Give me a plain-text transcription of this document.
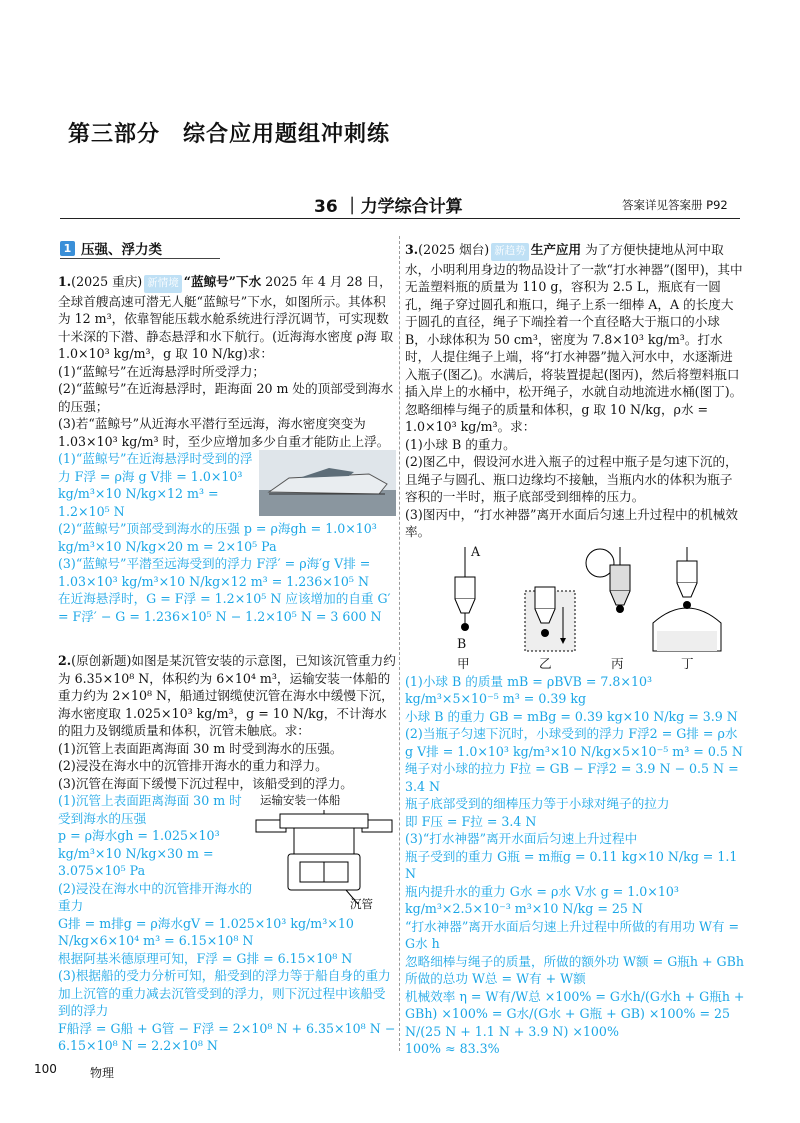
第三部分　综合应用题组冲刺练
36 ｜力学综合计算	答案详见答案册 P92
1 压强、浮力类

1.(2025 重庆) 新情境 “蓝鲸号”下水 2025 年 4 月 28 日，全球首艘高速可潜无人艇“蓝鲸号”下水，如图所示。其体积为 12 m³，依靠智能压载水舱系统进行浮沉调节，可实现数十米深的下潜、静态悬浮和水下航行。(近海海水密度 ρ海 取 1.0×10³ kg/m³，g 取 10 N/kg)求：

(1)“蓝鲸号”在近海悬浮时所受浮力；

(2)“蓝鲸号”在近海悬浮时，距海面 20 m 处的顶部受到海水的压强；

(3)若“蓝鲸号”从近海水平潜行至远海，海水密度突变为 1.03×10³ kg/m³ 时，至少应增加多少自重才能防止上浮。

(1)“蓝鲸号”在近海悬浮时受到的浮力 F浮 = ρ海 g V排 = 1.0×10³ kg/m³×10 N/kg×12 m³ = 1.2×10⁵ N

(2)“蓝鲸号”顶部受到海水的压强 p = ρ海gh = 1.0×10³ kg/m³×10 N/kg×20 m = 2×10⁵ Pa

(3)“蓝鲸号”平潜至远海受到的浮力 F浮′ = ρ海′g V排 = 1.03×10³ kg/m³×10 N/kg×12 m³ = 1.236×10⁵ N

在近海悬浮时，G = F浮 = 1.2×10⁵ N 应该增加的自重 G′ = F浮′ − G = 1.236×10⁵ N − 1.2×10⁵ N = 3 600 N

2.(原创新题)如图是某沉管安装的示意图，已知该沉管重力约为 6.35×10⁸ N，体积约为 6×10⁴ m³，运输安装一体船的重力约为 2×10⁸ N，船通过钢缆使沉管在海水中缓慢下沉，海水密度取 1.025×10³ kg/m³，g = 10 N/kg，不计海水的阻力及钢缆质量和体积，沉管未触底。求：

(1)沉管上表面距离海面 30 m 时受到海水的压强。

(2)浸没在海水中的沉管排开海水的重力和浮力。

(3)沉管在海面下缓慢下沉过程中，该船受到的浮力。

(1)沉管上表面距离海面 30 m 时受到海水的压强

p = ρ海水gh = 1.025×10³ kg/m³×10 N/kg×30 m = 3.075×10⁵ Pa

(2)浸没在海水中的沉管排开海水的重力

运输安装一体船
沉管

G排 = m排g = ρ海水gV = 1.025×10³ kg/m³×10 N/kg×6×10⁴ m³ = 6.15×10⁸ N

根据阿基米德原理可知，F浮 = G排 = 6.15×10⁸ N

(3)根据船的受力分析可知，船受到的浮力等于船自身的重力加上沉管的重力减去沉管受到的浮力，则下沉过程中该船受到的浮力

F船浮 = G船 + G管 − F浮 = 2×10⁸ N + 6.35×10⁸ N − 6.15×10⁸ N = 2.2×10⁸ N

3.(2025 烟台) 新趋势 生产应用 为了方便快捷地从河中取水，小明利用身边的物品设计了一款“打水神器”(图甲)，其中无盖塑料瓶的质量为 110 g，容积为 2.5 L，瓶底有一圆孔，绳子穿过圆孔和瓶口，绳子上系一细棒 A，A 的长度大于圆孔的直径，绳子下端拴着一个直径略大于瓶口的小球 B，小球体积为 50 cm³，密度为 7.8×10³ kg/m³。打水时，人提住绳子上端，将“打水神器”抛入河水中，水逐渐进入瓶子(图乙)。水满后，将装置提起(图丙)，然后将塑料瓶口插入岸上的水桶中，松开绳子，水就自动地流进水桶(图丁)。忽略细棒与绳子的质量和体积，g 取 10 N/kg，ρ水 = 1.0×10³ kg/m³。求：

(1)小球 B 的重力。

(2)图乙中，假设河水进入瓶子的过程中瓶子是匀速下沉的，且绳子与圆孔、瓶口边缘均不接触，当瓶内水的体积为瓶子容积的一半时，瓶子底部受到细棒的压力。

(3)图丙中，“打水神器”离开水面后匀速上升过程中的机械效率。

A
B
甲	乙	丙	丁

(1)小球 B 的质量 mB = ρBVB = 7.8×10³ kg/m³×5×10⁻⁵ m³ = 0.39 kg

小球 B 的重力 GB = mBg = 0.39 kg×10 N/kg = 3.9 N

(2)当瓶子匀速下沉时，小球受到的浮力 F浮2 = G排 = ρ水g V排 = 1.0×10³ kg/m³×10 N/kg×5×10⁻⁵ m³ = 0.5 N

绳子对小球的拉力 F拉 = GB − F浮2 = 3.9 N − 0.5 N = 3.4 N

瓶子底部受到的细棒压力等于小球对绳子的拉力

即 F压 = F拉 = 3.4 N

(3)“打水神器”离开水面后匀速上升过程中

瓶子受到的重力 G瓶 = m瓶g = 0.11 kg×10 N/kg = 1.1 N

瓶内提升水的重力 G水 = ρ水 V水 g = 1.0×10³ kg/m³×2.5×10⁻³ m³×10 N/kg = 25 N

“打水神器”离开水面后匀速上升过程中所做的有用功 W有 = G水 h

忽略细棒与绳子的质量，所做的额外功 W额 = G瓶h + GBh

所做的总功 W总 = W有 + W额

机械效率 η = W有/W总 ×100% = G水h/(G水h + G瓶h + GBh) ×100% = G水/(G水 + G瓶 + GB) ×100% = 25 N/(25 N + 1.1 N + 3.9 N) ×100%

100% ≈ 83.3%

100	物理
